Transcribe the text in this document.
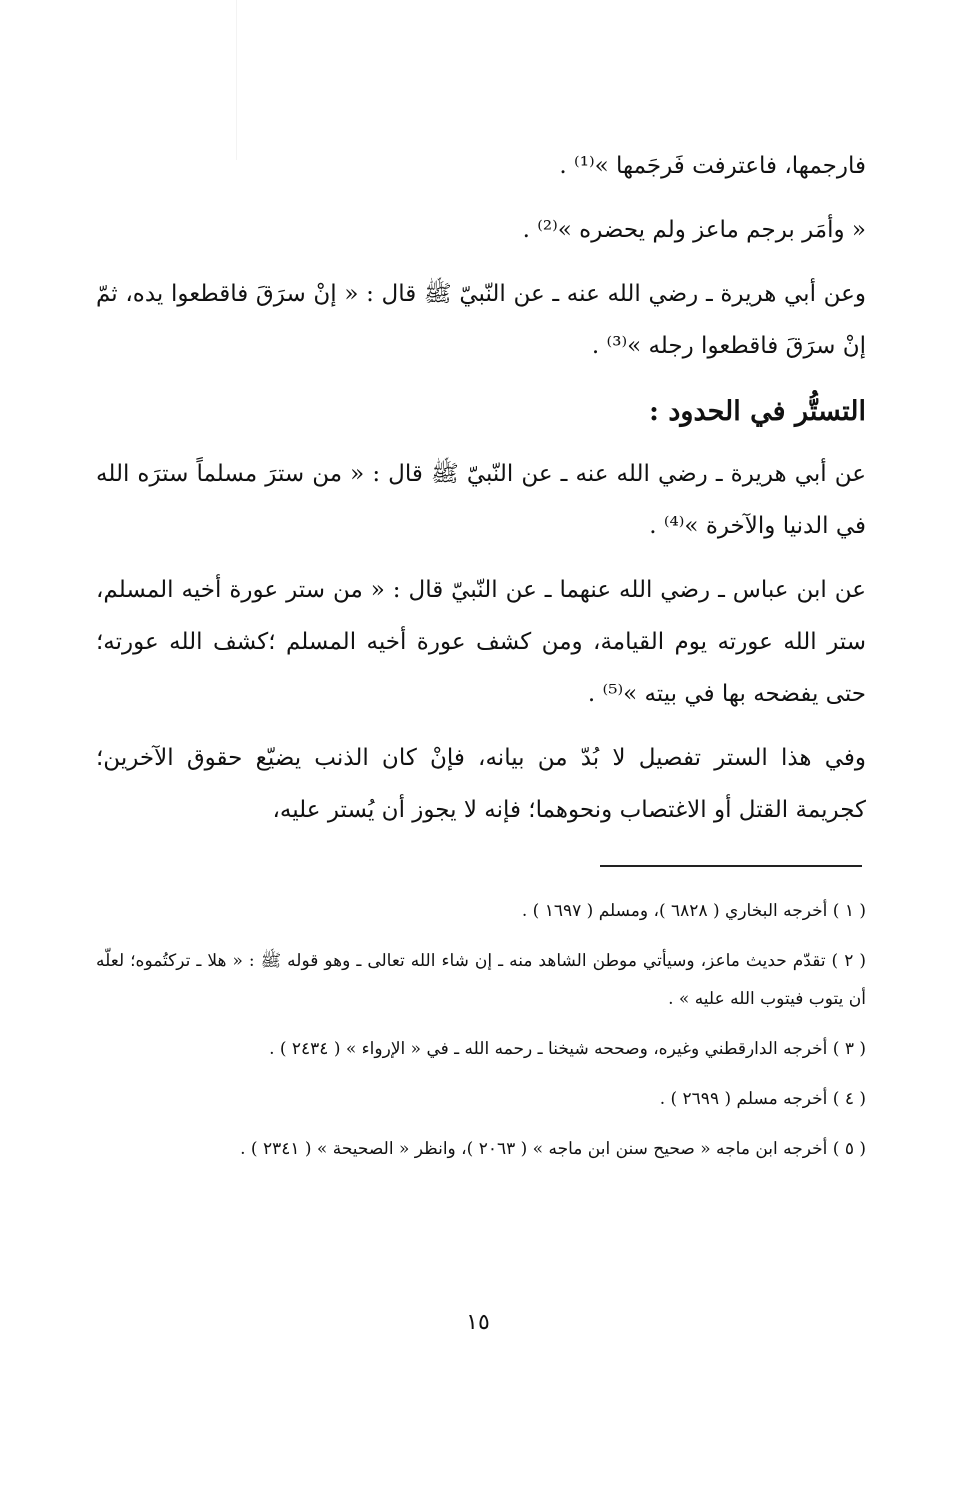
فارجمها، فاعترفت فَرجَمها »⁽¹⁾ .

« وأمَر برجم ماعز ولم يحضره »⁽²⁾ .

وعن أبي هريرة ـ رضي الله عنه ـ عن النّبيّ ﷺ قال : « إنْ سرَقَ فاقطعوا يده، ثمّ إنْ سرَقَ فاقطعوا رجله »⁽³⁾ .

التستُّر في الحدود :

عن أبي هريرة ـ رضي الله عنه ـ عن النّبيّ ﷺ قال : « من سترَ مسلماً سترَه الله في الدنيا والآخرة »⁽⁴⁾ .

عن ابن عباس ـ رضي الله عنهما ـ عن النّبيّ قال : « من ستر عورة أخيه المسلم، ستر الله عورته يوم القيامة، ومن كشف عورة أخيه المسلم ؛كشف الله عورته؛ حتى يفضحه بها في بيته »⁽⁵⁾ .

وفي هذا الستر تفصيل لا بُدّ من بيانه، فإنْ كان الذنب يضيّع حقوق الآخرين؛ كجريمة القتل أو الاغتصاب ونحوهما؛ فإنه لا يجوز أن يُستر عليه،

( ١ ) أخرجه البخاري ( ٦٨٢٨ )، ومسلم ( ١٦٩٧ ) .

( ٢ ) تقدّم حديث ماعز، وسيأتي موطن الشاهد منه ـ إن شاء الله تعالى ـ وهو قوله ﷺ : « هلا ـ تركتُموه؛ لعلّه أن يتوب فيتوب الله عليه » .

( ٣ ) أخرجه الدارقطني وغيره، وصححه شيخنا ـ رحمه الله ـ في « الإرواء » ( ٢٤٣٤ ) .

( ٤ ) أخرجه مسلم ( ٢٦٩٩ ) .

( ٥ ) أخرجه ابن ماجه « صحيح سنن ابن ماجه » ( ٢٠٦٣ )، وانظر « الصحيحة » ( ٢٣٤١ ) .

١٥
